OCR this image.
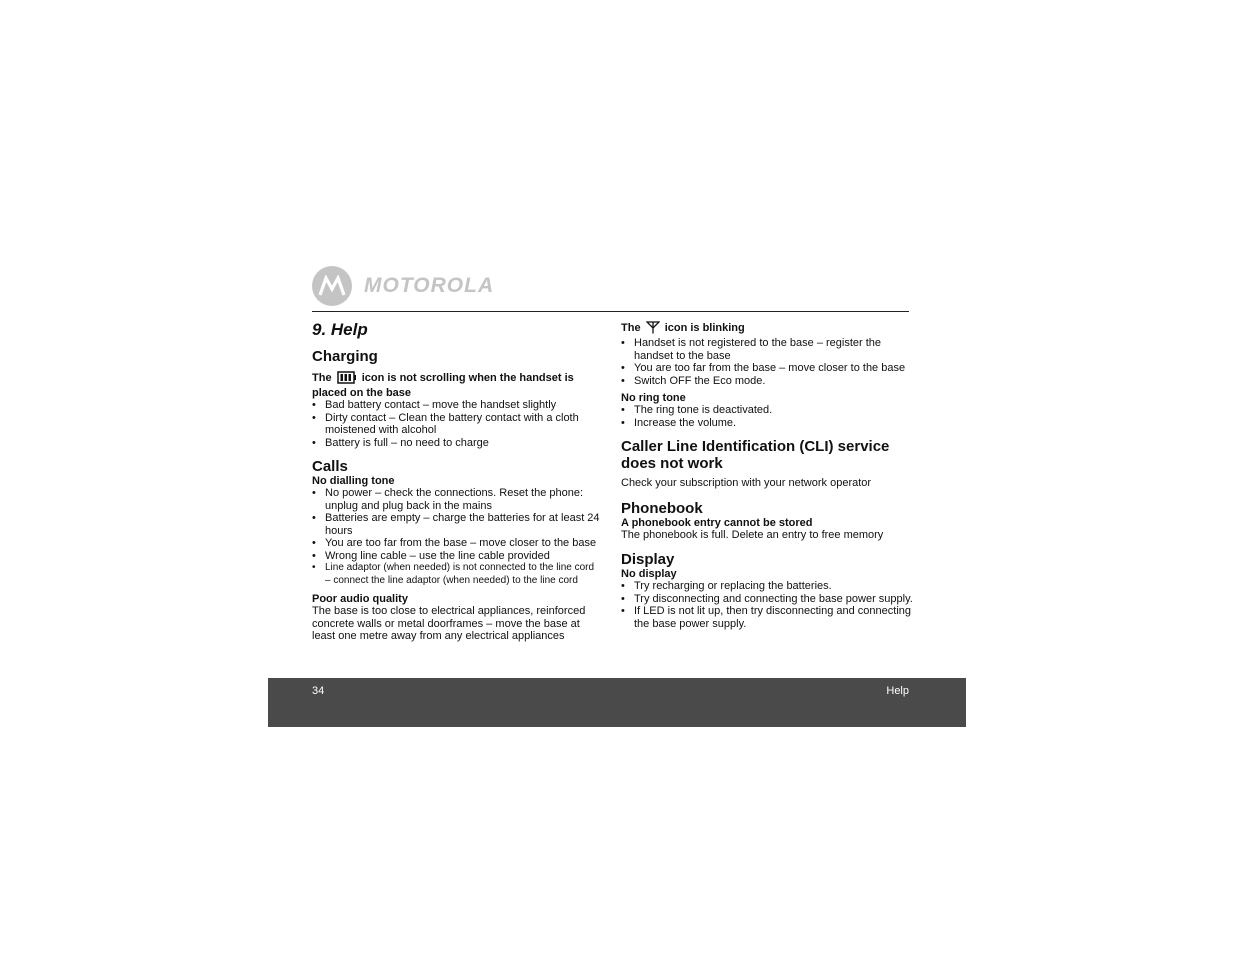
MOTOROLA
9. Help
Charging
The	icon is not scrolling when the handset is placed on the base
• Bad battery contact – move the handset slightly
• Dirty contact – Clean the battery contact with a cloth moistened with alcohol
• Battery is full – no need to charge
Calls
No dialling tone
• No power – check the connections. Reset the phone: unplug and plug back in the mains
• Batteries are empty – charge the batteries for at least 24 hours
• You are too far from the base – move closer to the base
• Wrong line cable – use the line cable provided
• Line adaptor (when needed) is not connected to the line cord – connect the line adaptor (when needed) to the line cord
Poor audio quality

The base is too close to electrical appliances, reinforced concrete walls or metal doorframes – move the base at least one metre away from any electrical appliances

The icon is blinking
• Handset is not registered to the base – register the handset to the base
• You are too far from the base – move closer to the base
• Switch OFF the Eco mode.
No ring tone
• The ring tone is deactivated.
• Increase the volume.
Caller Line Identification (CLI) service does not work

Check your subscription with your network operator

Phonebook
A phonebook entry cannot be stored

The phonebook is full. Delete an entry to free memory

Display
No display
• Try recharging or replacing the batteries.
• Try disconnecting and connecting the base power supply.
• If LED is not lit up, then try disconnecting and connecting the base power supply.
34	Help
